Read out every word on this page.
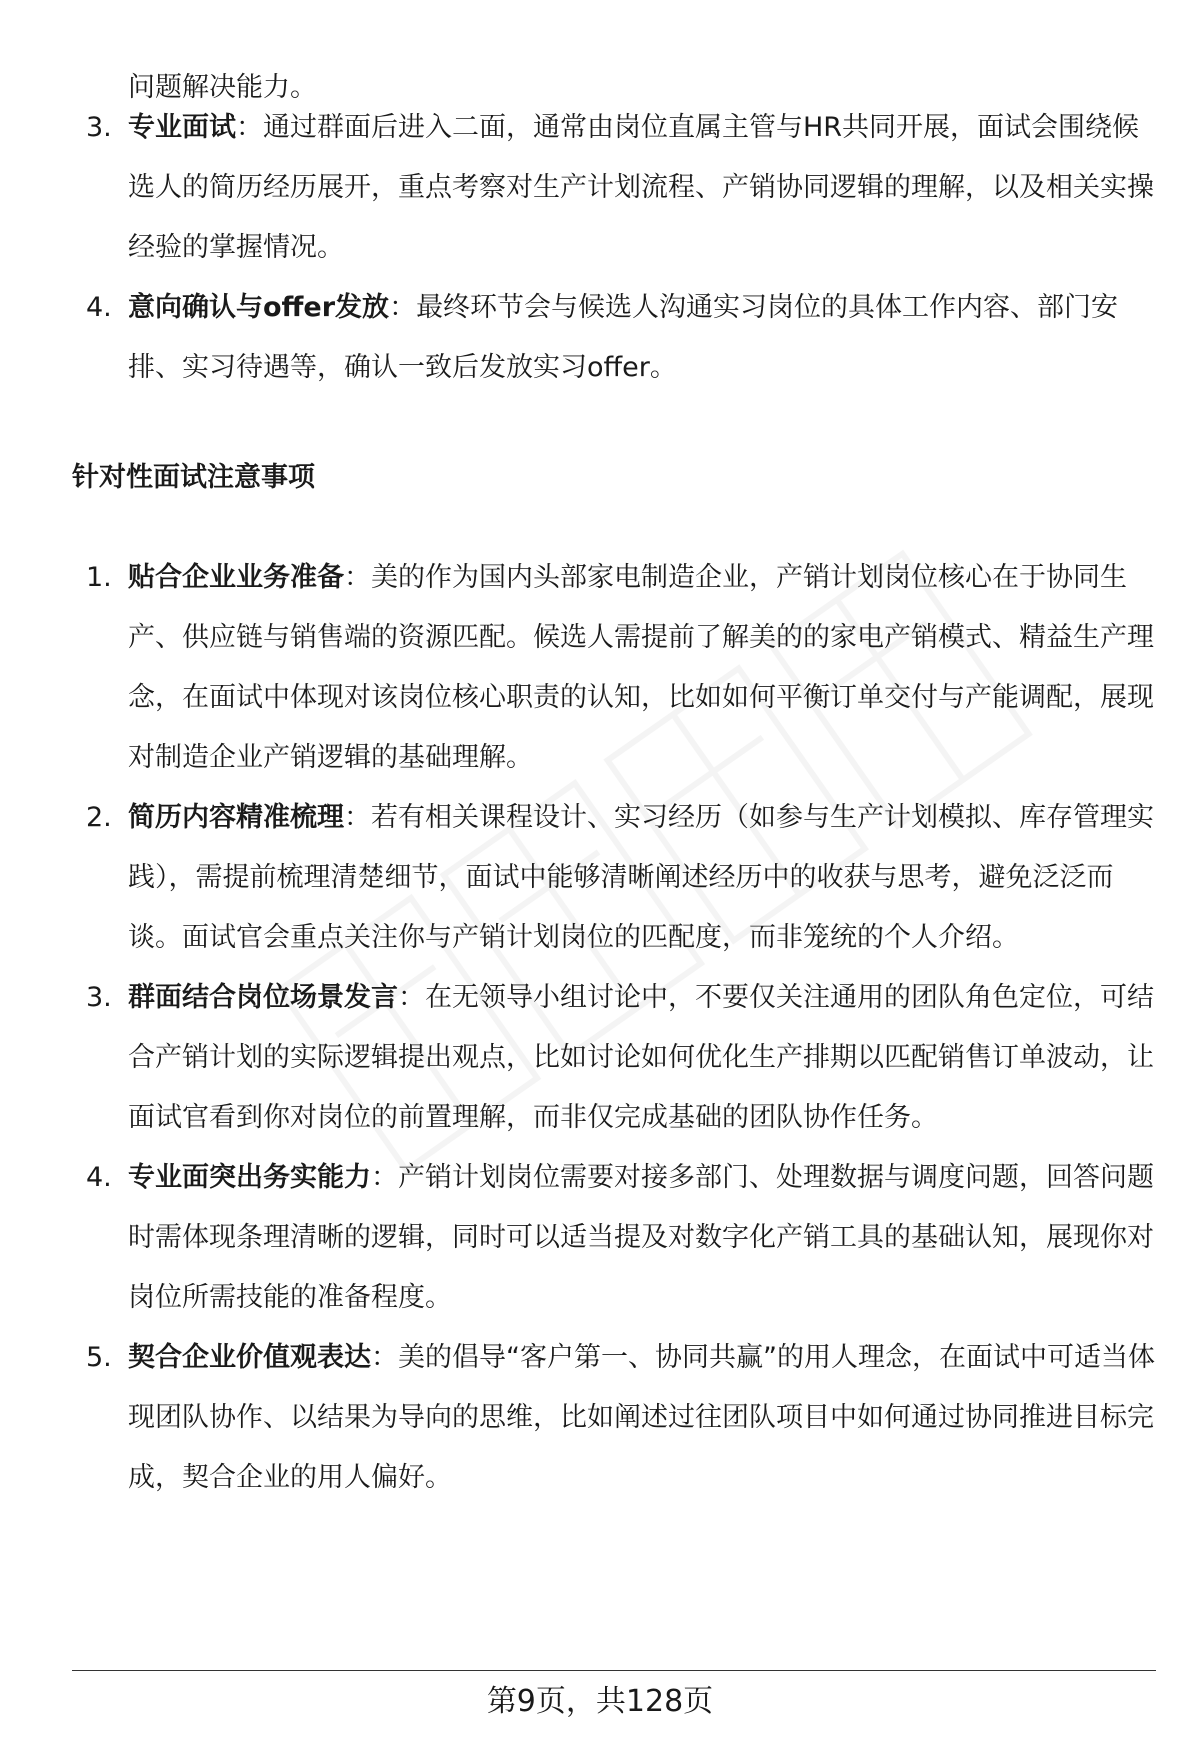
问题解决能力。

3. 专业面试：通过群面后进入二面，通常由岗位直属主管与HR共同开展，面试会围绕候选人的简历经历展开，重点考察对生产计划流程、产销协同逻辑的理解，以及相关实操经验的掌握情况。
4. 意向确认与offer发放：最终环节会与候选人沟通实习岗位的具体工作内容、部门安排、实习待遇等，确认一致后发放实习offer。
针对性面试注意事项
1. 贴合企业业务准备：美的作为国内头部家电制造企业，产销计划岗位核心在于协同生产、供应链与销售端的资源匹配。候选人需提前了解美的的家电产销模式、精益生产理念，在面试中体现对该岗位核心职责的认知，比如如何平衡订单交付与产能调配，展现对制造企业产销逻辑的基础理解。
2. 简历内容精准梳理：若有相关课程设计、实习经历（如参与生产计划模拟、库存管理实践），需提前梳理清楚细节，面试中能够清晰阐述经历中的收获与思考，避免泛泛而谈。面试官会重点关注你与产销计划岗位的匹配度，而非笼统的个人介绍。
3. 群面结合岗位场景发言：在无领导小组讨论中，不要仅关注通用的团队角色定位，可结合产销计划的实际逻辑提出观点，比如讨论如何优化生产排期以匹配销售订单波动，让面试官看到你对岗位的前置理解，而非仅完成基础的团队协作任务。
4. 专业面突出务实能力：产销计划岗位需要对接多部门、处理数据与调度问题，回答问题时需体现条理清晰的逻辑，同时可以适当提及对数字化产销工具的基础认知，展现你对岗位所需技能的准备程度。
5. 契合企业价值观表达：美的倡导“客户第一、协同共赢”的用人理念，在面试中可适当体现团队协作、以结果为导向的思维，比如阐述过往团队项目中如何通过协同推进目标完成，契合企业的用人偏好。
第9页，共128页
